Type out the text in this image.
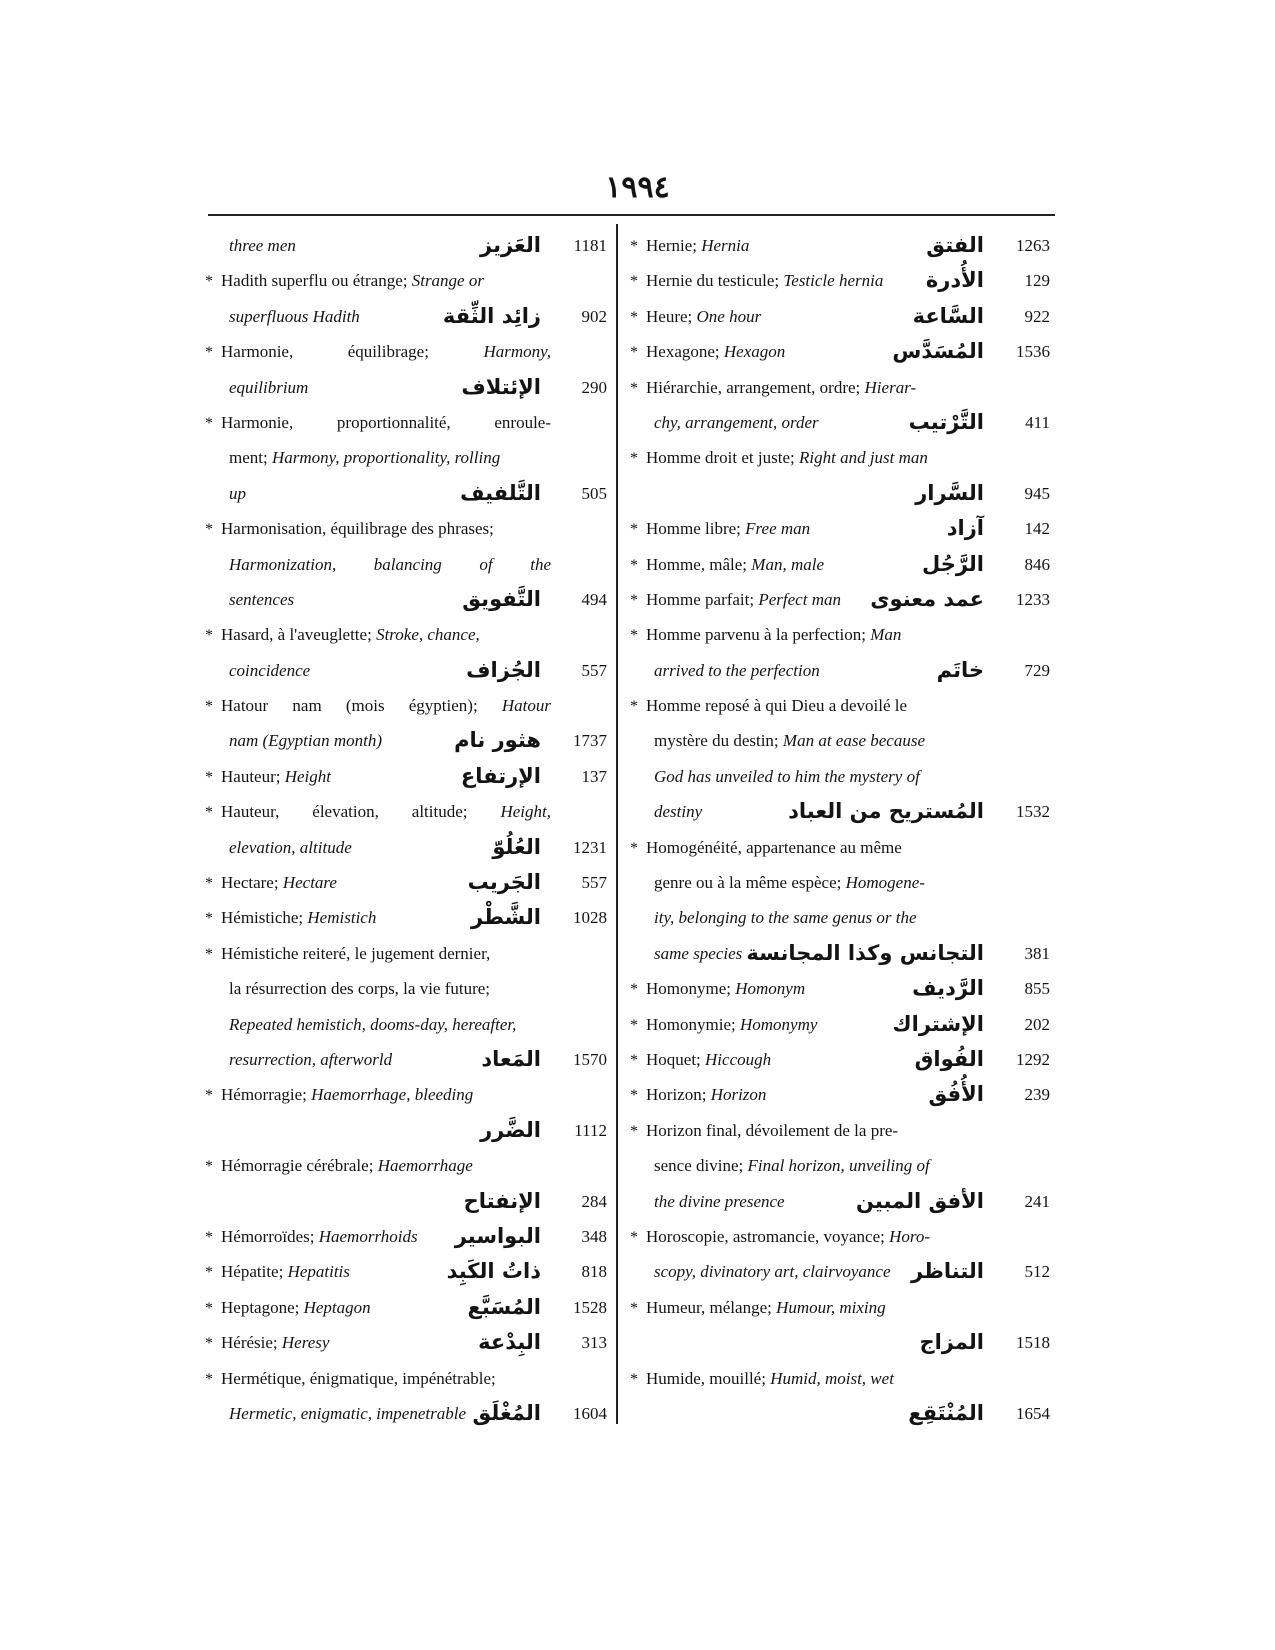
١٩٩٤
three men	العَزيز	1181
* Hadith superflu ou étrange; Strange or
superfluous Hadith	زائِد الثِّقة	902
* Harmonie, équilibrage; Harmony,
equilibrium	الإئتلاف	290
* Harmonie, proportionnalité, enroule-
ment; Harmony, proportionality, rolling
up	التَّلفيف	505
* Harmonisation, équilibrage des phrases;
Harmonization, balancing of the
sentences	التَّفويق	494
* Hasard, à l'aveuglette; Stroke, chance,
coincidence	الجُزاف	557
* Hatour nam (mois égyptien); Hatour
nam (Egyptian month)	هثور نام	1737
* Hauteur; Height	الإرتفاع	137
* Hauteur, élevation, altitude; Height,
elevation, altitude	العُلُوّ	1231
* Hectare; Hectare	الجَريب	557
* Hémistiche; Hemistich	الشَّطْر	1028
* Hémistiche reiteré, le jugement dernier,
la résurrection des corps, la vie future;
Repeated hemistich, dooms-day, hereafter,
resurrection, afterworld	المَعاد	1570
* Hémorragie; Haemorrhage, bleeding
الضَّرر	1112
* Hémorragie cérébrale; Haemorrhage
الإنفتاح	284
* Hémorroïdes; Haemorrhoids	البواسير	348
* Hépatite; Hepatitis	ذاتُ الكَبِد	818
* Heptagone; Heptagon	المُسَبَّع	1528
* Hérésie; Heresy	البِدْعة	313
* Hermétique, énigmatique, impénétrable;
Hermetic, enigmatic, impenetrable المُغْلَق	1604
* Hernie; Hernia	الفتق	1263
* Hernie du testicule; Testicle hernia	الأُدرة	129
* Heure; One hour	السَّاعة	922
* Hexagone; Hexagon	المُسَدَّس	1536
* Hiérarchie, arrangement, ordre; Hierar-
chy, arrangement, order	التَّرْتيب	411
* Homme droit et juste; Right and just man
السَّرار	945
* Homme libre; Free man	آزاد	142
* Homme, mâle; Man, male	الرَّجُل	846
* Homme parfait; Perfect man	عمد معنوى	1233
* Homme parvenu à la perfection; Man
arrived to the perfection	خاتَم	729
* Homme reposé à qui Dieu a devoilé le
mystère du destin; Man at ease because
God has unveiled to him the mystery of
destiny	المُستريح من العباد	1532
* Homogénéité, appartenance au même
genre ou à la même espèce; Homogene-
ity, belonging to the same genus or the
same species التجانس وكذا المجانسة	381
* Homonyme; Homonym	الرَّديف	855
* Homonymie; Homonymy	الإشتراك	202
* Hoquet; Hiccough	الفُواق	1292
* Horizon; Horizon	الأُفُق	239
* Horizon final, dévoilement de la pre-
sence divine; Final horizon, unveiling of
the divine presence	الأفق المبين	241
* Horoscopie, astromancie, voyance; Horo-
scopy, divinatory art, clairvoyance التناظر	512
* Humeur, mélange; Humour, mixing
المزاج	1518
* Humide, mouillé; Humid, moist, wet
المُنْتَقِع	1654
